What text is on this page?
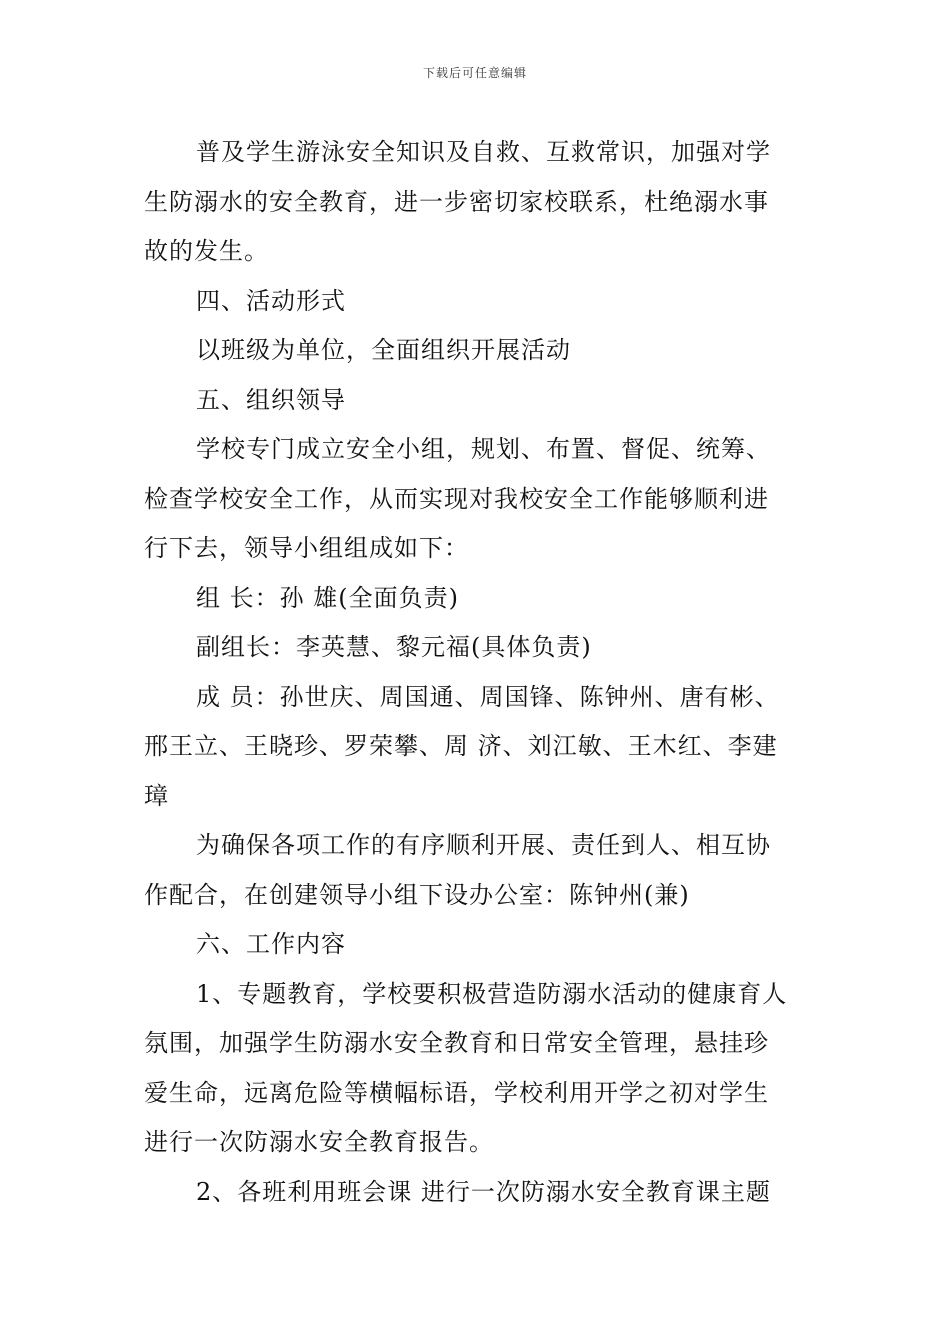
下载后可任意编辑
普及学生游泳安全知识及自救、互救常识，加强对学
生防溺水的安全教育，进一步密切家校联系，杜绝溺水事
故的发生。
四、活动形式
以班级为单位，全面组织开展活动
五、组织领导
学校专门成立安全小组，规划、布置、督促、统筹、
检查学校安全工作，从而实现对我校安全工作能够顺利进
行下去，领导小组组成如下：
组 长：孙 雄(全面负责)
副组长：李英慧、黎元福(具体负责)
成 员：孙世庆、周国通、周国锋、陈钟州、唐有彬、
邢王立、王晓珍、罗荣攀、周 济、刘江敏、王木红、李建
璋
为确保各项工作的有序顺利开展、责任到人、相互协
作配合，在创建领导小组下设办公室：陈钟州(兼)
六、工作内容
1、专题教育，学校要积极营造防溺水活动的健康育人
氛围，加强学生防溺水安全教育和日常安全管理，悬挂珍
爱生命，远离危险等横幅标语，学校利用开学之初对学生
进行一次防溺水安全教育报告。
2、各班利用班会课 进行一次防溺水安全教育课主题
